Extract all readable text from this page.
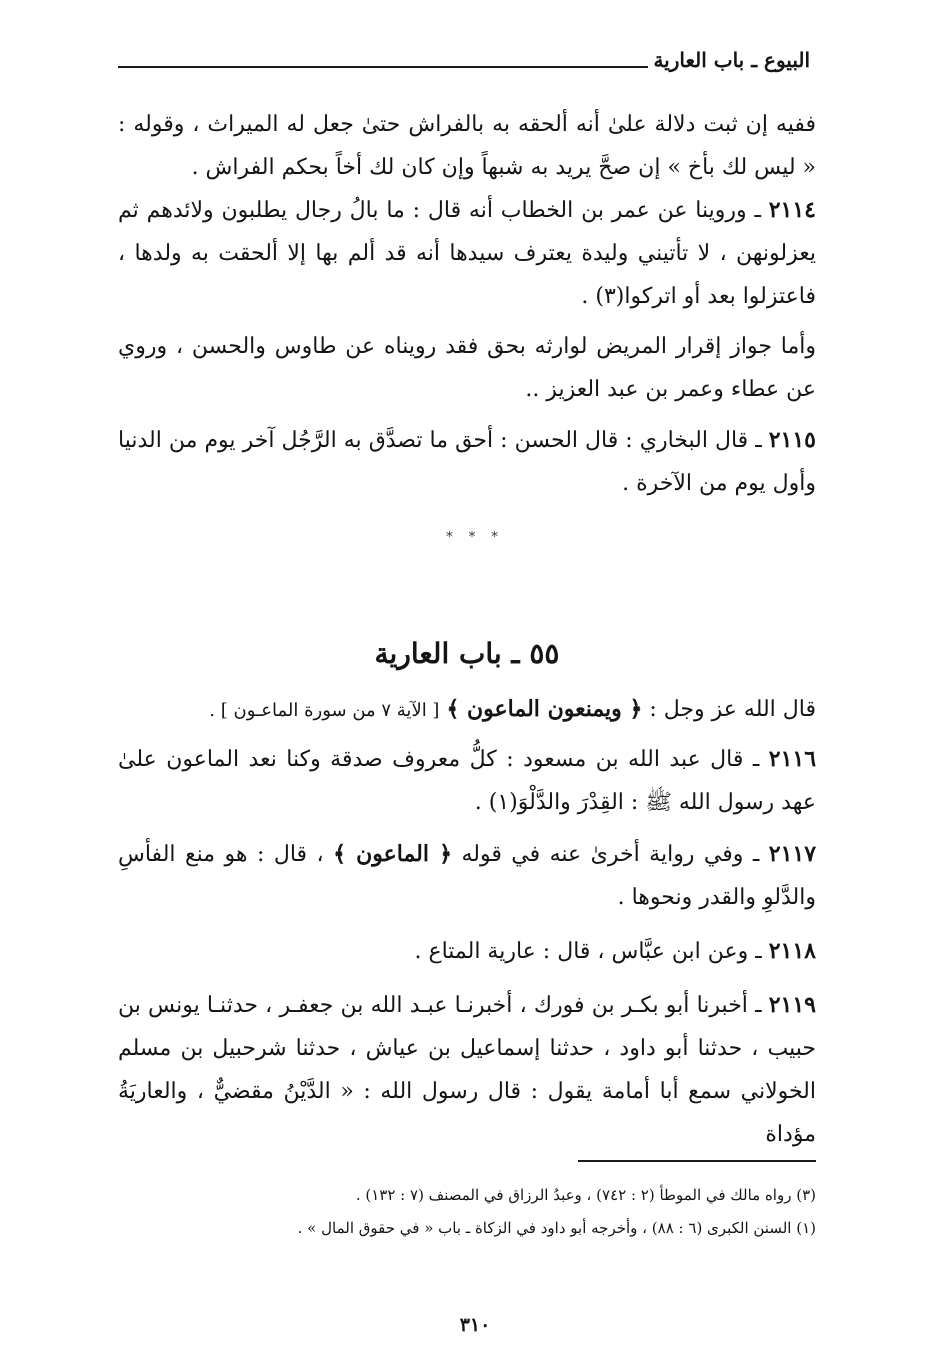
البيوع ـ باب العارية
ففيه إن ثبت دلالة علىٰ أنه ألحقه به بالفراش حتىٰ جعل له الميراث ، وقوله : « ليس لك بأخ » إن صحَّ يريد به شبهاً وإن كان لك أخاً بحكم الفراش .
٢١١٤ ـ وروينا عن عمر بن الخطاب أنه قال : ما بالُ رجال يطلبون ولائدهم ثم يعزلونهن ، لا تأتيني وليدة يعترف سيدها أنه قد ألم بها إلا ألحقت به ولدها ، فاعتزلوا بعد أو اتركوا(٣) .
وأما جواز إقرار المريض لوارثه بحق فقد رويناه عن طاوس والحسن ، وروي عن عطاء وعمر بن عبد العزيز ..
٢١١٥ ـ قال البخاري : قال الحسن : أحق ما تصدَّق به الرَّجُل آخر يوم من الدنيا وأول يوم من الآخرة .
* * *
٥٥ ـ باب العارية
قال الله عز وجل : ﴿ ويمنعون الماعون ﴾ [ الآية ٧ من سورة الماعـون ] .
٢١١٦ ـ قال عبد الله بن مسعود : كلُّ معروف صدقة وكنا نعد الماعون علىٰ عهد رسول الله ﷺ : القِدْرَ والدَّلْوَ(١) .
٢١١٧ ـ وفي رواية أخرىٰ عنه في قوله ﴿ الماعون ﴾ ، قال : هو منع الفأسِ والدَّلوِ والقدر ونحوها .
٢١١٨ ـ وعن ابن عبَّاس ، قال : عارية المتاع .
٢١١٩ ـ أخبرنا أبو بكـر بن فورك ، أخبرنـا عبـد الله بن جعفـر ، حدثنـا يونس بن حبيب ، حدثنا أبو داود ، حدثنا إسماعيل بن عياش ، حدثنا شرحبيل بن مسلم الخولاني سمع أبا أمامة يقول : قال رسول الله : « الدَّيْنُ مقضيٌّ ، والعاريَةُ مؤداة
(٣) رواه مالك في الموطأ (٢ : ٧٤٢) ، وعبدُ الرزاق في المصنف (٧ : ١٣٢) .
(١) السنن الكبرى (٦ : ٨٨) ، وأخرجه أبو داود في الزكاة ـ باب « في حقوق المال » .
٣١٠
